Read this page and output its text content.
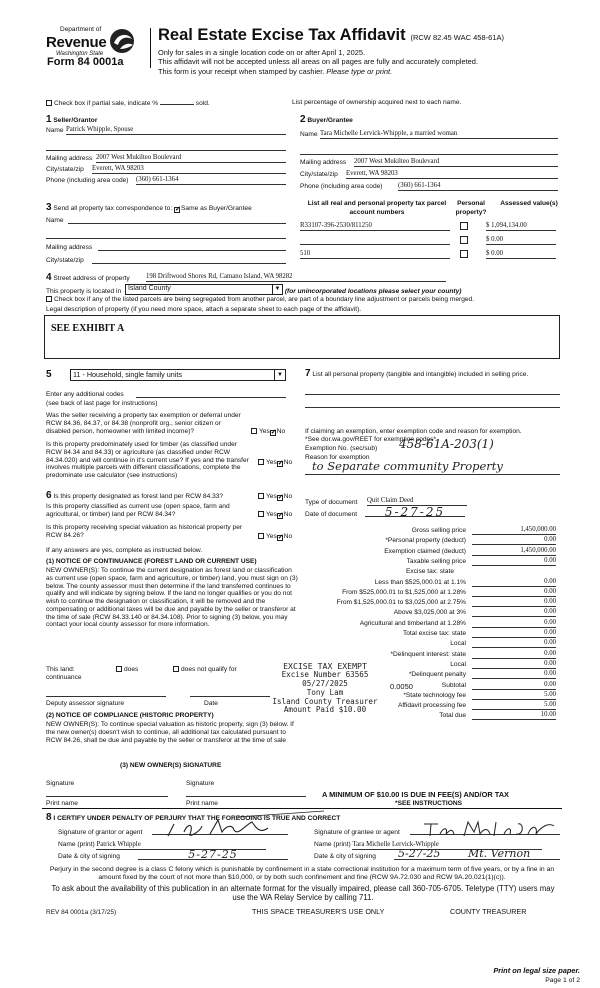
Department of
Revenue
Washington State
Form 84 0001a
Real Estate Excise Tax Affidavit (RCW 82.45 WAC 458-61A)
Only for sales in a single location code on or after April 1, 2025.
This affidavit will not be accepted unless all areas on all pages are fully and accurately completed.
This form is your receipt when stamped by cashier. Please type or print.
Check box if partial sale, indicate %	sold.	List percentage of ownership acquired next to each name.
1 Seller/Grantor
Name Patrick Whipple, Spouse
Mailing address 2007 West Mukilteo Boulevard
City/state/zip Everett, WA 98203
Phone (including area code) (360) 661-1364
2 Buyer/Grantee
Name Tara Michelle Lervick-Whipple, a married woman
Mailing address 2007 West Mukilteo Boulevard
City/state/zip Everett, WA 98203
Phone (including area code) (360) 661-1364
3 Send all property tax correspondence to: ✓Same as Buyer/Grantee
Name
Mailing address
City/state/zip
List all real and personal property tax parcel account numbers
Personal property?
Assessed value(s)
R33107-396-2530/811250	$ 1,094,134.00
$ 0.00
510	$ 0.00
4 Street address of property 198 Driftwood Shores Rd, Camano Island, WA 98282
This property is located in Island County	▼ (for unincorporated locations please select your county)
Check box if any of the listed parcels are being segregated from another parcel, are part of a boundary line adjustment or parcels being merged.
Legal description of property (if you need more space, attach a separate sheet to each page of the affidavit).
SEE EXHIBIT A
5	11 - Household, single family units	▼
Enter any additional codes
(see back of last page for instructions)
Was the seller receiving a property tax exemption or deferral under RCW 84.36, 84.37, or 84.38 (nonprofit org., senior citizen or disabled person, homeowner with limited income)?	Yes✓No
Is this property predominately used for timber (as classified under RCW 84.34 and 84.33) or agriculture (as classified under RCW 84.34.020) and will continue in it's current use? If yes and the transfer involves multiple parcels with different classifications, complete the predominate use calculator (see instructions)
Yes✓No
6 Is this property designated as forest land per RCW 84.33?	Yes✓No
Is this property classified as current use (open space, farm and agricultural, or timber) land per RCW 84.34?	Yes✓No
Is this property receiving special valuation as historical property per RCW 84.26?	Yes✓No
If any answers are yes, complete as instructed below.
(1) NOTICE OF CONTINUANCE (FOREST LAND OR CURRENT USE)
NEW OWNER(S): To continue the current designation as forest land or classification as current use (open space, farm and agriculture, or timber) land, you must sign on (3) below. The county assessor must then determine if the land transferred continues to qualify and will indicate by signing below. If the land no longer qualifies or you do not wish to continue the designation or classification, it will be removed and the compensating or additional taxes will be due and payable by the seller or transferor at the time of sale (RCW 84.33.140 or 84.34.108). Prior to signing (3) below, you may contact your local county assessor for more information.
This land:
continuance
does	does not qualify for
Deputy assessor signature	Date
(2) NOTICE OF COMPLIANCE (HISTORIC PROPERTY)
NEW OWNER(S): To continue special valuation as historic property, sign (3) below. If the new owner(s) doesn't wish to continue, all additional tax calculated pursuant to RCW 84.26, shall be due and payable by the seller or transferor at the time of sale
(3) NEW OWNER(S) SIGNATURE
Signature	Signature
Print name	Print name
7 List all personal property (tangible and intangible) included in selling price.
If claiming an exemption, enter exemption code and reason for exemption. *See dor.wa.gov/REET for exemption codes*
Exemption No. (sec/sub) 458-61A-203(1)
Reason for exemption
to Separate community Property
Type of document Quit Claim Deed
Date of document	5-27-25
Gross selling price	1,450,000.00
*Personal property (deduct)	0.00
Exemption claimed (deduct)	1,450,000.00
Taxable selling price	0.00
Excise tax: state
Less than $525,000.01 at 1.1%	0.00
From $525,000.01 to $1,525,000 at 1.28%	0.00
From $1,525,000.01 to $3,025,000 at 2.75%	0.00
Above $3,025,000 at 3%	0.00
Agricultural and timberland at 1.28%	0.00
Total excise tax: state	0.00
Local	0.00
*Delinquent interest: state	0.00
Local	0.00
*Delinquent penalty	0.00
Subtotal	0.00
*State technology fee	5.00
Affidavit processing fee	5.00
Total due	10.00
0.0050
EXCISE TAX EXEMPT
Excise Number 63565
05/27/2025
Tony Lam
Island County Treasurer
Amount Paid $10.00
A MINIMUM OF $10.00 IS DUE IN FEE(S) AND/OR TAX
*SEE INSTRUCTIONS
8 I CERTIFY UNDER PENALTY OF PERJURY THAT THE FOREGOING IS TRUE AND CORRECT
Signature of grantor or agent
Name (print) Patrick Whipple
Date & city of signing	5-27-25
Signature of grantee or agent
Name (print) Tara Michelle Lervick-Whipple
Date & city of signing 5-27-25	Mt. Vernon
Perjury in the second degree is a class C felony which is punishable by confinement in a state correctional institution for a maximum term of five years, or by a fine in an amount fixed by the court of not more than $10,000, or by both such confinement and fine (RCW 9A.72.030 and RCW 9A.20.021(1)(c)).
To ask about the availability of this publication in an alternate format for the visually impaired, please call 360-705-6705. Teletype (TTY) users may use the WA Relay Service by calling 711.
REV 84 0001a (3/17/25)	THIS SPACE TREASURER'S USE ONLY	COUNTY TREASURER
Print on legal size paper.
Page 1 of 2
